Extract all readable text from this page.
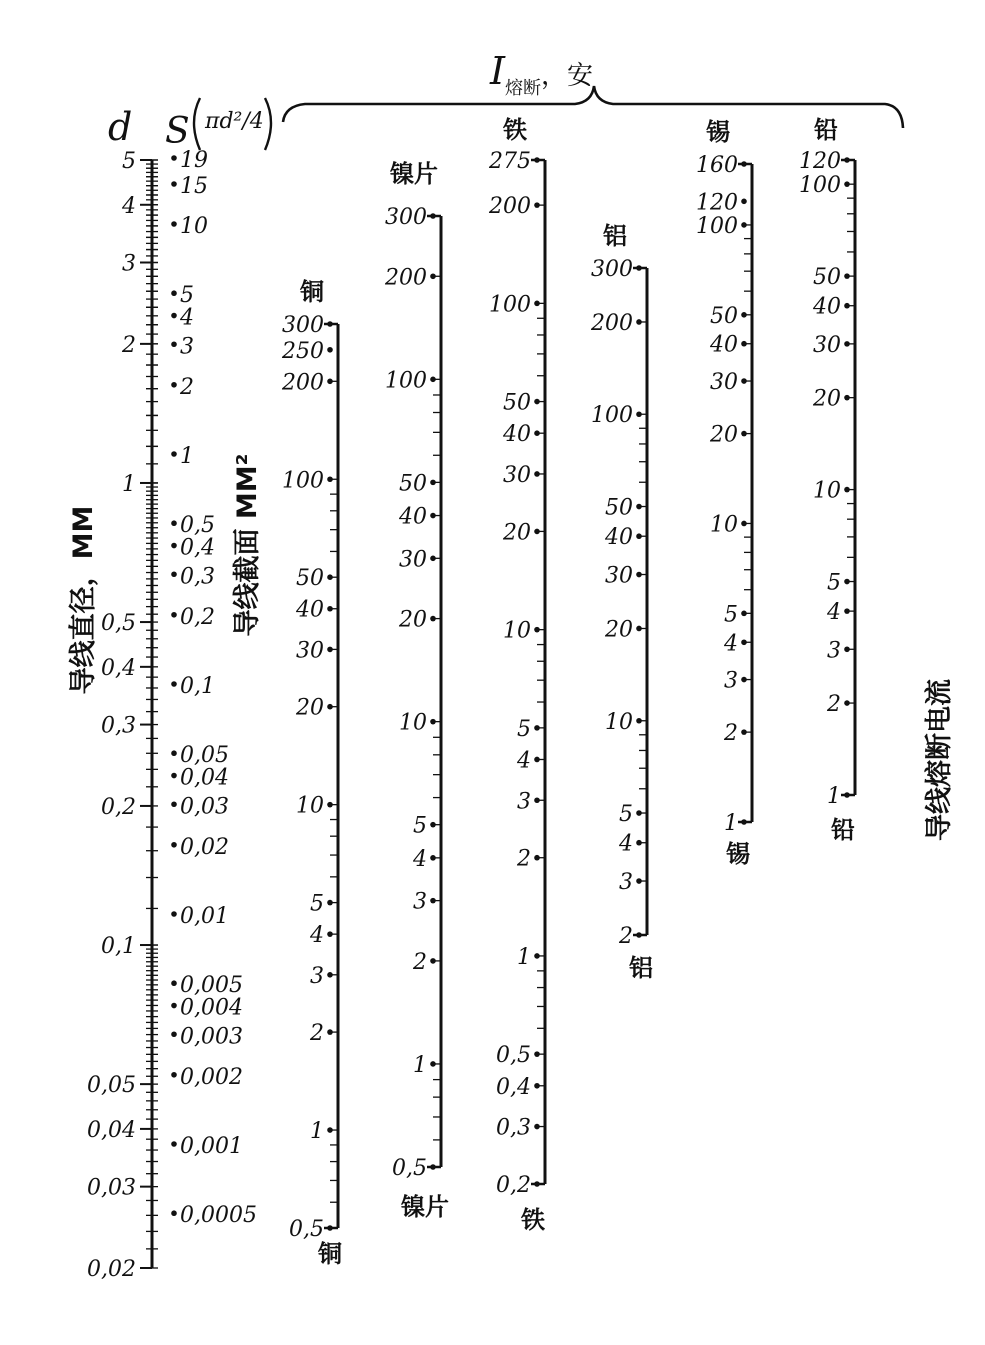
d S πd²/4
$I_{熔断}^{,安}$
导线直径，MM	导线截面 MM²
导线熔断电流
5
4
3
2
1
0,5
0,4
0,3
0,2
0,1
0,05
0,04
0,03
0,02
19
15
10
5
4
3
2
1
0,5
0,4
0,3
0,2
0,1
0,05
0,04
0,03
0,02
0,01
0,005
0,004
0,003
0,002
0,001
0,0005
300
250
200
100
50
40
30
20
10
5
4
3
2
1
0,5
铜
铜
300
200
100
50
40
30
20
10
5
4
3
2
1
0,5
镍片
镍片
275
200
100
50
40
30
20
10
5
4
3
2
1
0,5
0,4
0,3
0,2
铁
铁
300
200
100
50
40
30
20
10
5
4
3
2
铝
铝
160
120
100
50
40
30
20
10
5
4
3
2
1
锡
锡
120
100
50
40
30
20
10
5
4
3
2
1
铅
铅
